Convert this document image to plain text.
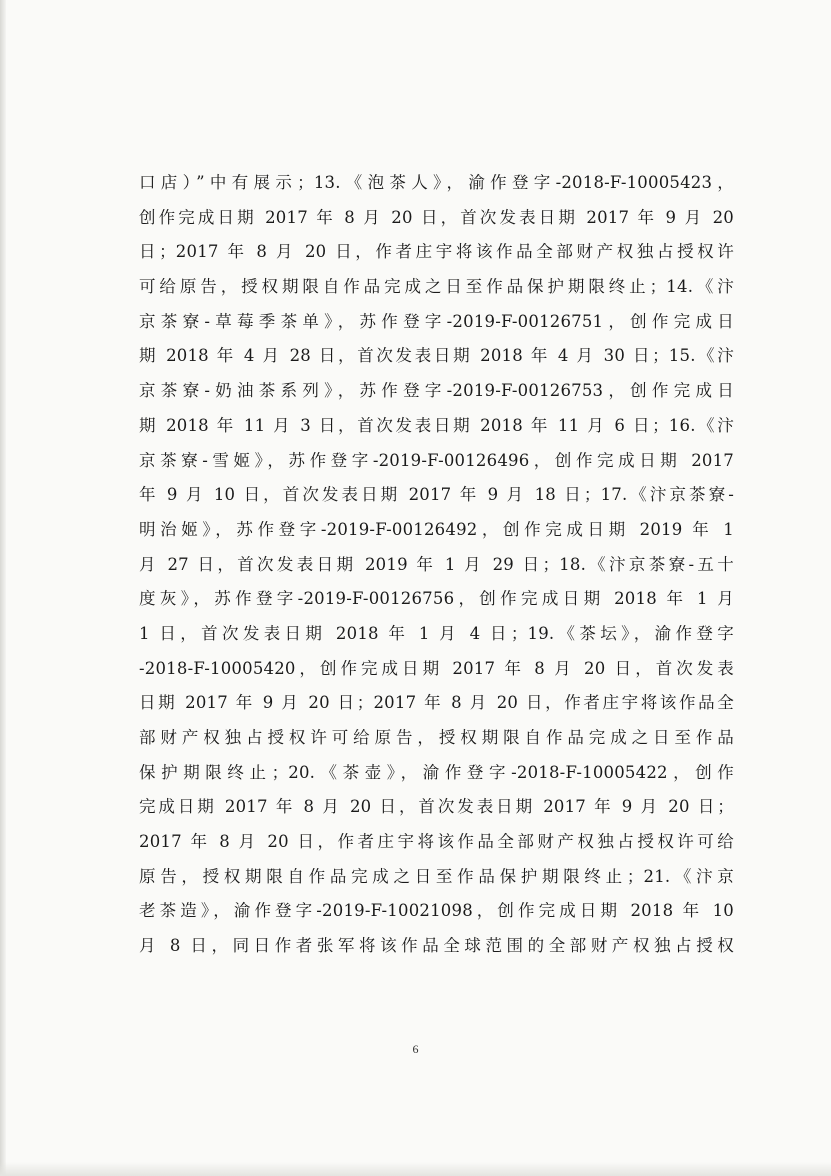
口店）”中有展示；13.《泡茶人》，渝作登字-2018-F-10005423，
创作完成日期 2017 年 8 月 20 日，首次发表日期 2017 年 9 月 20
日；2017 年 8 月 20 日，作者庄宇将该作品全部财产权独占授权许
可给原告，授权期限自作品完成之日至作品保护期限终止；14.《汴
京茶寮-草莓季茶单》，苏作登字-2019-F-00126751，创作完成日
期 2018 年 4 月 28 日，首次发表日期 2018 年 4 月 30 日；15.《汴
京茶寮-奶油茶系列》，苏作登字-2019-F-00126753，创作完成日
期 2018 年 11 月 3 日，首次发表日期 2018 年 11 月 6 日；16.《汴
京茶寮-雪姬》，苏作登字-2019-F-00126496，创作完成日期 2017
年 9 月 10 日，首次发表日期 2017 年 9 月 18 日；17.《汴京茶寮-
明治姬》，苏作登字-2019-F-00126492，创作完成日期 2019 年 1
月 27 日，首次发表日期 2019 年 1 月 29 日；18.《汴京茶寮-五十
度灰》，苏作登字-2019-F-00126756，创作完成日期 2018 年 1 月
1 日，首次发表日期 2018 年 1 月 4 日；19.《茶坛》，渝作登字
-2018-F-10005420，创作完成日期 2017 年 8 月 20 日，首次发表
日期 2017 年 9 月 20 日；2017 年 8 月 20 日，作者庄宇将该作品全
部财产权独占授权许可给原告，授权期限自作品完成之日至作品
保护期限终止；20.《茶壶》，渝作登字-2018-F-10005422，创作
完成日期 2017 年 8 月 20 日，首次发表日期 2017 年 9 月 20 日；
2017 年 8 月 20 日，作者庄宇将该作品全部财产权独占授权许可给
原告，授权期限自作品完成之日至作品保护期限终止；21.《汴京
老茶造》，渝作登字-2019-F-10021098，创作完成日期 2018 年 10
月 8 日，同日作者张军将该作品全球范围的全部财产权独占授权
6
